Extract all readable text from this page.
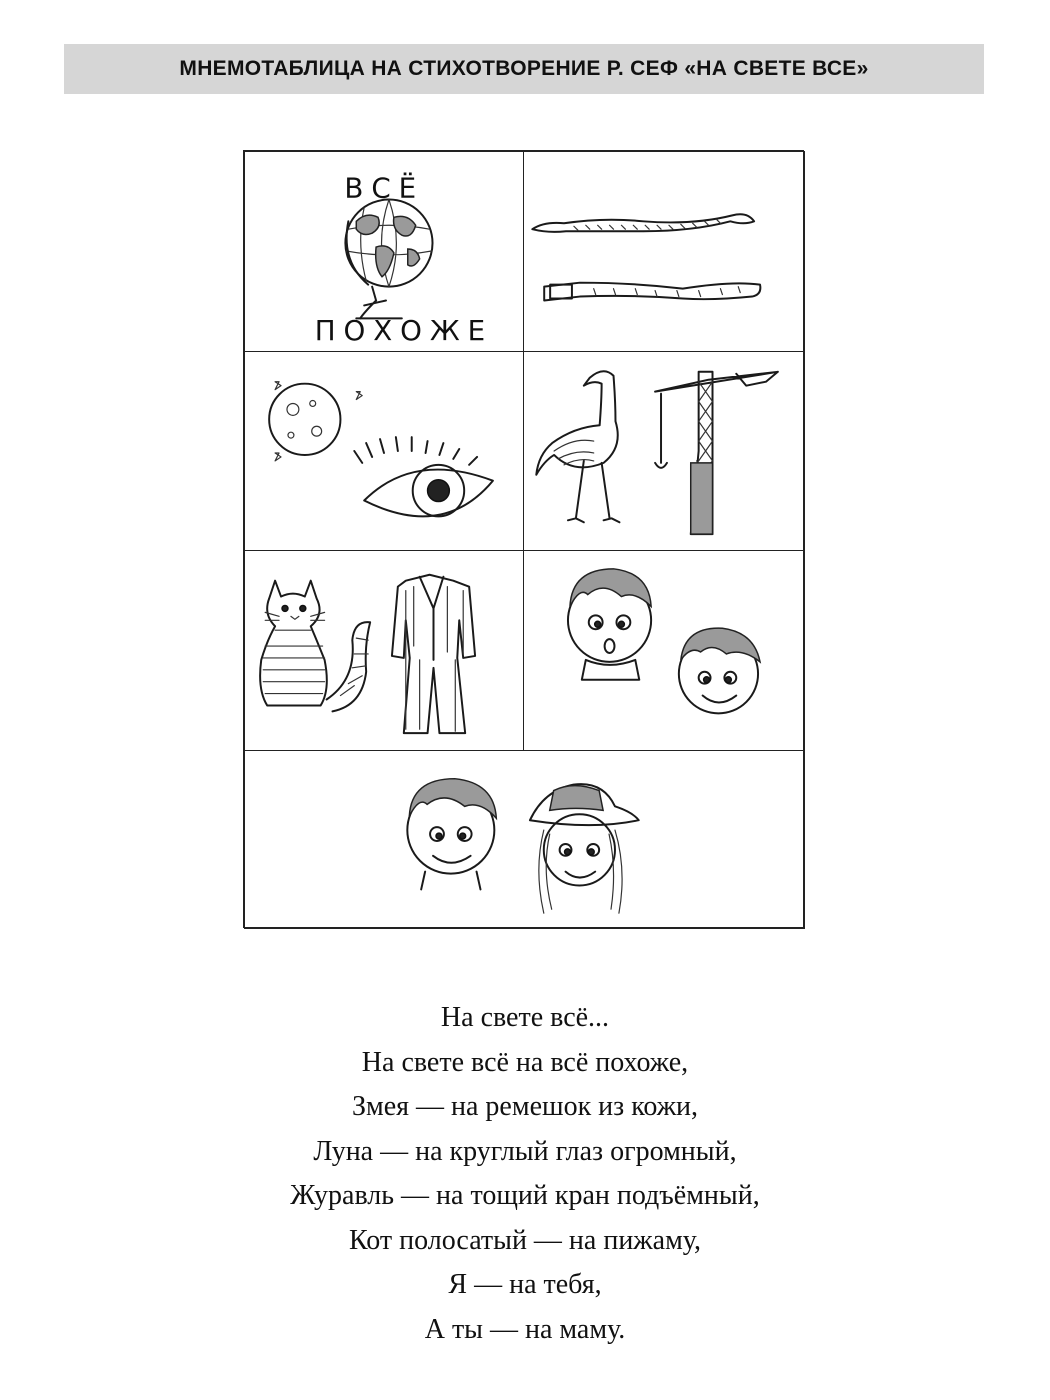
МНЕМОТАБЛИЦА НА СТИХОТВОРЕНИЕ Р. СЕФ «НА СВЕТЕ ВСЕ»
ВСЁ
ПОХОЖЕ

На свете всё...

На свете всё на всё похоже,

Змея — на ремешок из кожи,

Луна — на круглый глаз огромный,

Журавль — на тощий кран подъёмный,

Кот полосатый — на пижаму,

Я — на тебя,

А ты — на маму.
